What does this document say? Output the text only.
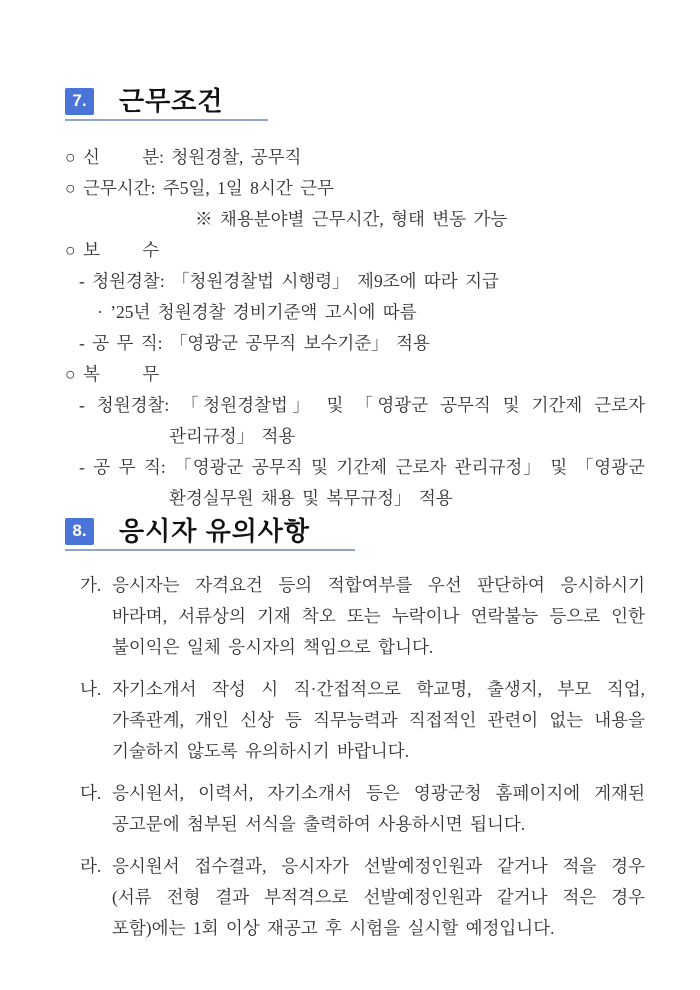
7. 근무조건
○ 신　　 분: 청원경찰, 공무직
○ 근무시간: 주5일, 1일 8시간 근무
※ 채용분야별 근무시간, 형태 변동 가능
○ 보　　 수
- 청원경찰: 「청원경찰법 시행령」 제9조에 따라 지급
· ’25년 청원경찰 경비기준액 고시에 따름
- 공 무 직: 「영광군 공무직 보수기준」 적용
○ 복　　 무
- 청원경찰: 「청원경찰법」 및 「영광군 공무직 및 기간제 근로자
관리규정」 적용
- 공 무 직: 「영광군 공무직 및 기간제 근로자 관리규정」 및 「영광군
환경실무원 채용 및 복무규정」 적용
8. 응시자 유의사항
가. 응시자는 자격요건 등의 적합여부를 우선 판단하여 응시하시기
바라며, 서류상의 기재 착오 또는 누락이나 연락불능 등으로 인한
불이익은 일체 응시자의 책임으로 합니다.
나. 자기소개서 작성 시 직·간접적으로 학교명, 출생지, 부모 직업,
가족관계, 개인 신상 등 직무능력과 직접적인 관련이 없는 내용을
기술하지 않도록 유의하시기 바랍니다.
다. 응시원서, 이력서, 자기소개서 등은 영광군청 홈페이지에 게재된
공고문에 첨부된 서식을 출력하여 사용하시면 됩니다.
라. 응시원서 접수결과, 응시자가 선발예정인원과 같거나 적을 경우
(서류 전형 결과 부적격으로 선발예정인원과 같거나 적은 경우
포함)에는 1회 이상 재공고 후 시험을 실시할 예정입니다.
